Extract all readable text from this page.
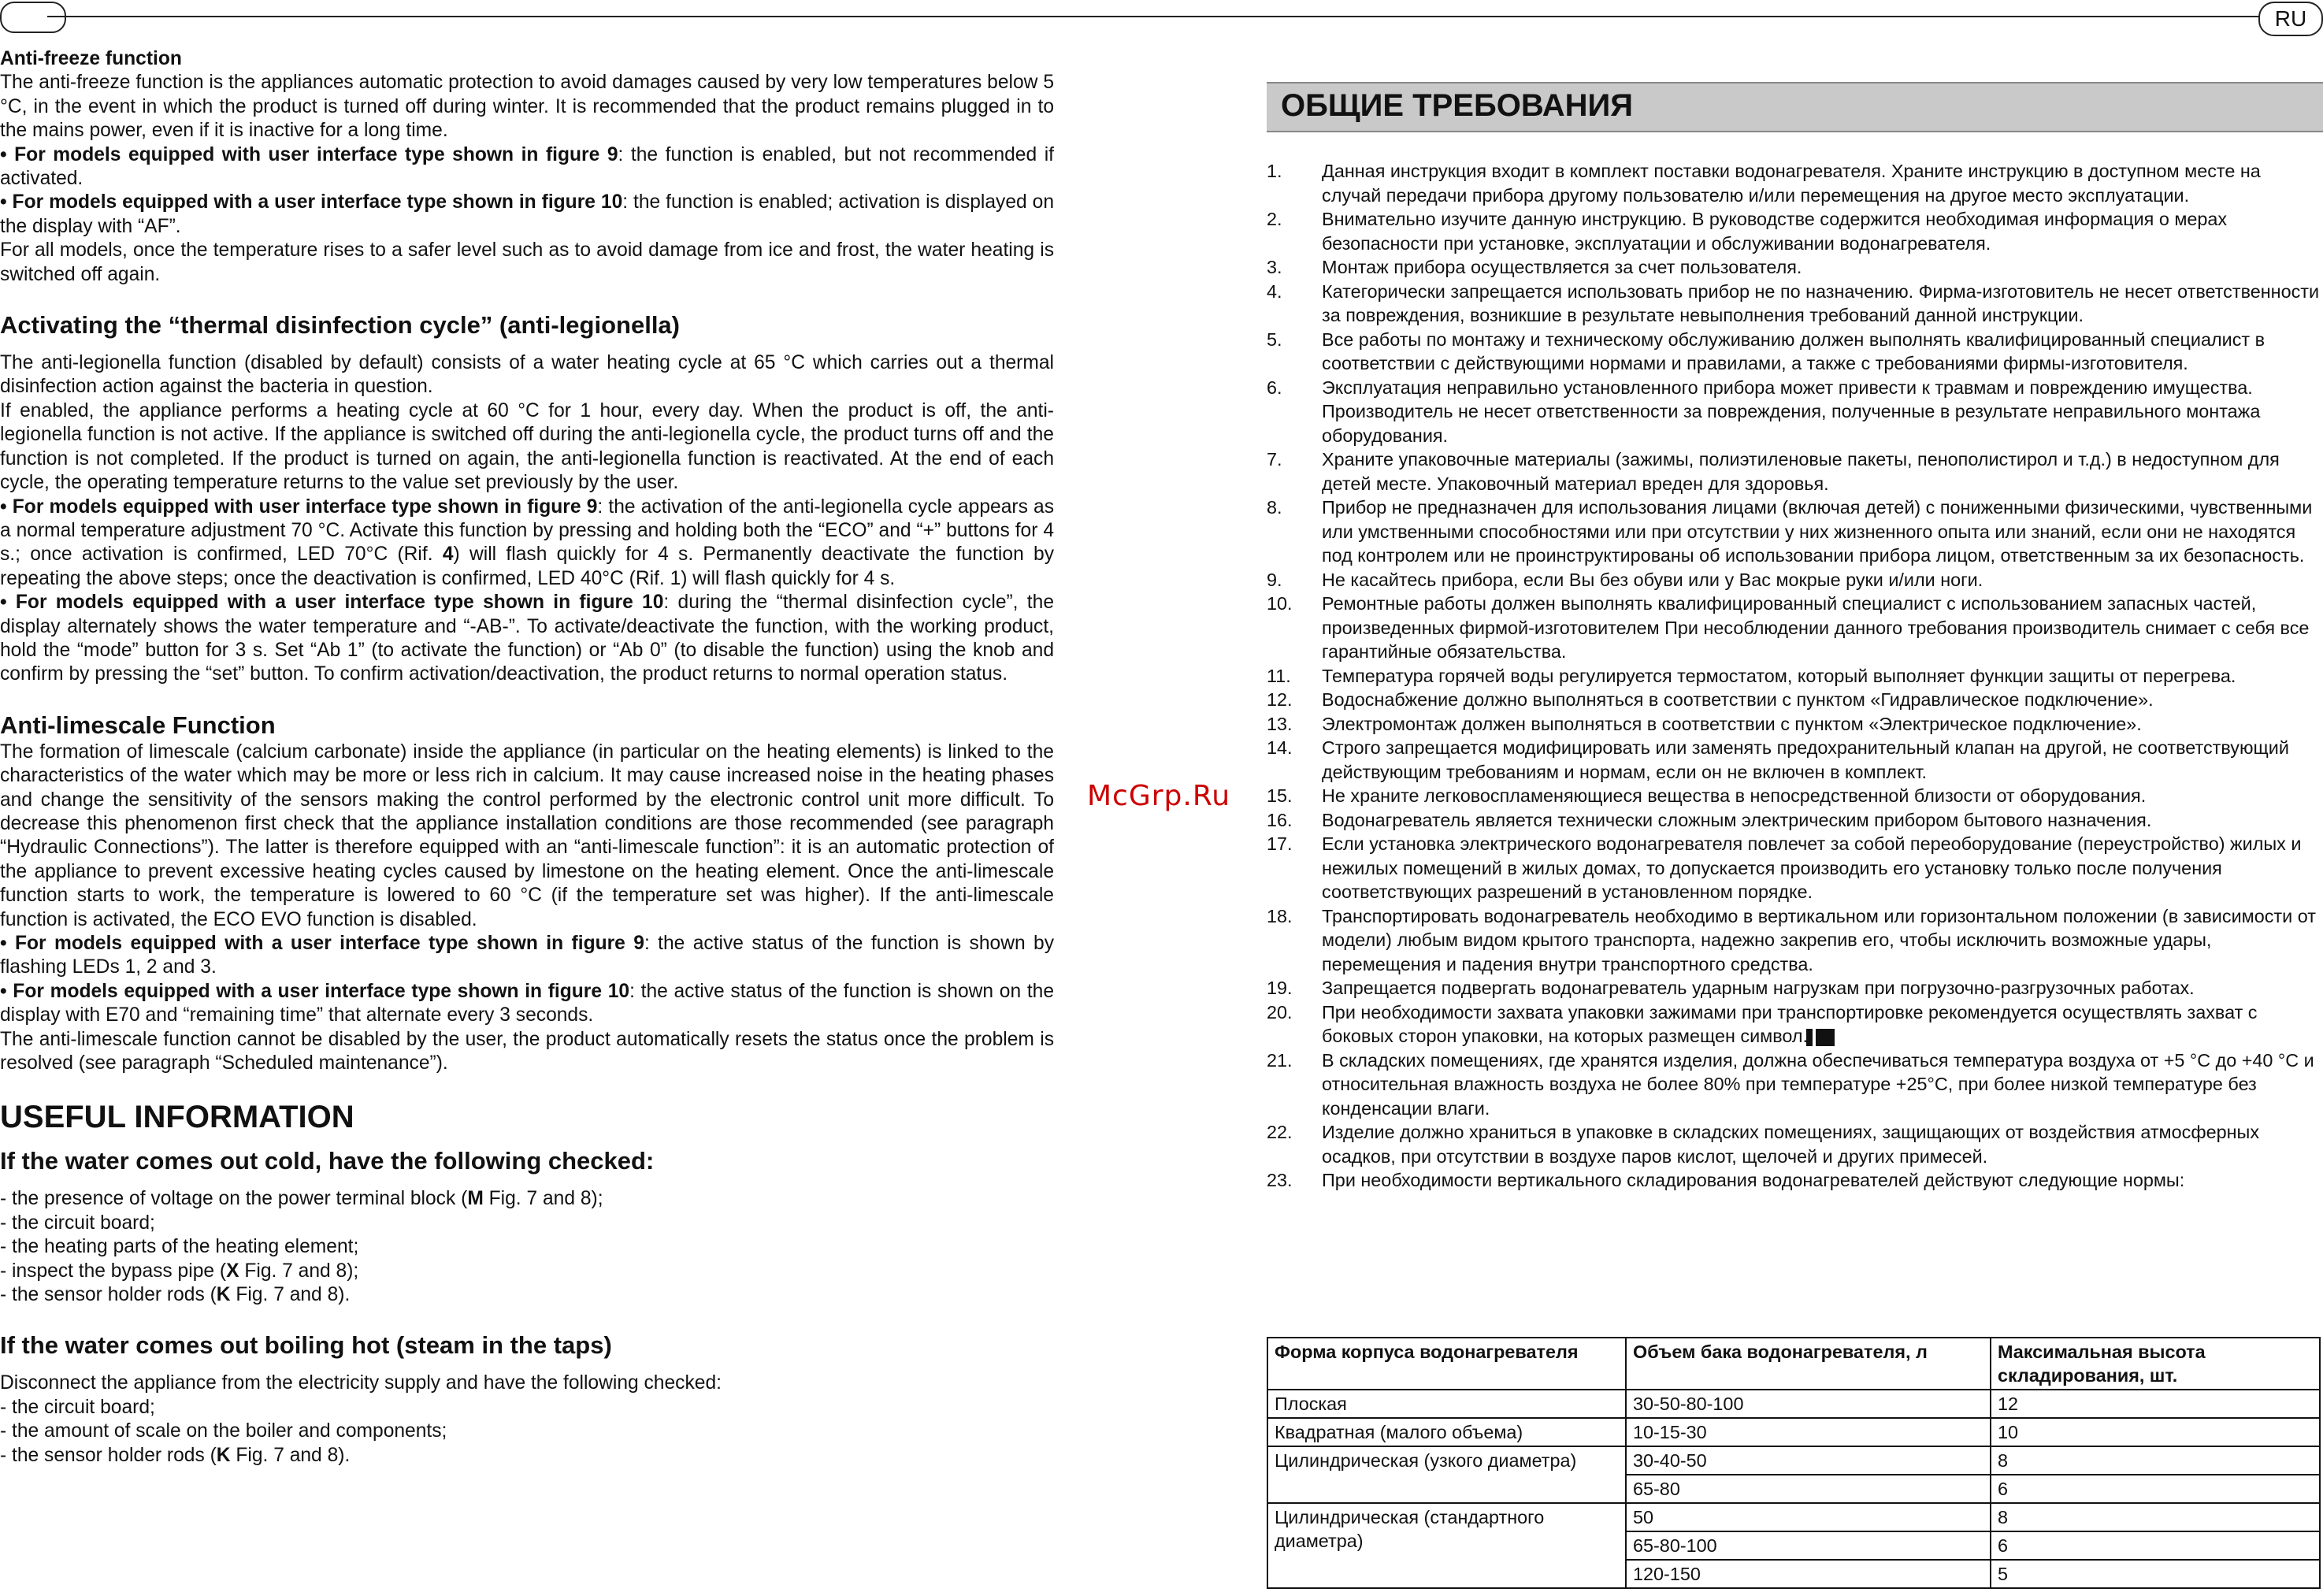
RU

Anti-freeze function

The anti-freeze function is the appliances automatic protection to avoid damages caused by very low temperatures below 5 °C, in the event in which the product is turned off during winter. It is recommended that the product remains plugged in to the mains power, even if it is inactive for a long time.

• For models equipped with user interface type shown in figure 9: the function is enabled, but not recommended if activated.

• For models equipped with a user interface type shown in figure 10: the function is enabled; activation is displayed on the display with “AF”.

For all models, once the temperature rises to a safer level such as to avoid damage from ice and frost, the water heating is switched off again.

Activating the “thermal disinfection cycle” (anti-legionella)

The anti-legionella function (disabled by default) consists of a water heating cycle at 65 °C which carries out a thermal disinfection action against the bacteria in question.

If enabled, the appliance performs a heating cycle at 60 °C for 1 hour, every day. When the product is off, the anti-legionella function is not active. If the appliance is switched off during the anti-legionella cycle, the product turns off and the function is not completed. If the product is turned on again, the anti-legionella function is reactivated. At the end of each cycle, the operating temperature returns to the value set previously by the user.

• For models equipped with user interface type shown in figure 9: the activation of the anti-legionella cycle appears as a normal temperature adjustment 70 °C. Activate this function by pressing and holding both the “ECO” and “+” buttons for 4 s.; once activation is confirmed, LED 70°C (Rif. 4) will flash quickly for 4 s. Permanently deactivate the function by repeating the above steps; once the deactivation is confirmed, LED 40°C (Rif. 1) will flash quickly for 4 s.

• For models equipped with a user interface type shown in figure 10: during the “thermal disinfection cycle”, the display alternately shows the water temperature and “-AB-”. To activate/deactivate the function, with the working product, hold the “mode” button for 3 s. Set “Ab 1” (to activate the function) or “Ab 0” (to disable the function) using the knob and confirm by pressing the “set” button. To confirm activation/deactivation, the product returns to normal operation status.

Anti-limescale Function

The formation of limescale (calcium carbonate) inside the appliance (in particular on the heating elements) is linked to the characteristics of the water which may be more or less rich in calcium. It may cause increased noise in the heating phases and change the sensitivity of the sensors making the control performed by the electronic control unit more difficult. To decrease this phenomenon first check that the appliance installation conditions are those recommended (see paragraph “Hydraulic Connections”). The latter is therefore equipped with an “anti-limescale function”: it is an automatic protection of the appliance to prevent excessive heating cycles caused by limestone on the heating element. Once the anti-limescale function starts to work, the temperature is lowered to 60 °C (if the temperature set was higher). If the anti-limescale function is activated, the ECO EVO function is disabled.

• For models equipped with a user interface type shown in figure 9: the active status of the function is shown by flashing LEDs 1, 2 and 3.

• For models equipped with a user interface type shown in figure 10: the active status of the function is shown on the display with E70 and “remaining time” that alternate every 3 seconds.

The anti-limescale function cannot be disabled by the user, the product automatically resets the status once the problem is resolved (see paragraph “Scheduled maintenance”).

USEFUL INFORMATION
If the water comes out cold, have the following checked:

- the presence of voltage on the power terminal block (M Fig. 7 and 8);

- the circuit board;

- the heating parts of the heating element;

- inspect the bypass pipe (X Fig. 7 and 8);

- the sensor holder rods (K Fig. 7 and 8).

If the water comes out boiling hot (steam in the taps)

Disconnect the appliance from the electricity supply and have the following checked:

- the circuit board;

- the amount of scale on the boiler and components;

- the sensor holder rods (K Fig. 7 and 8).

McGrp.Ru
ОБЩИЕ ТРЕБОВАНИЯ
1. Данная инструкция входит в комплект поставки водонагревателя. Храните инструкцию в доступном месте на случай передачи прибора другому пользователю и/или перемещения на другое место эксплуатации.
2. Внимательно изучите данную инструкцию. В руководстве содержится необходимая информация о мерах безопасности при установке, эксплуатации и обслуживании водонагревателя.
3. Монтаж прибора осуществляется за счет пользователя.
4. Категорически запрещается использовать прибор не по назначению. Фирма-изготовитель не несет ответственности за повреждения, возникшие в результате невыполнения требований данной инструкции.
5. Все работы по монтажу и техническому обслуживанию должен выполнять квалифицированный специалист в соответствии с действующими нормами и правилами, а также с требованиями фирмы-изготовителя.
6. Эксплуатация неправильно установленного прибора может привести к травмам и повреждению имущества. Производитель не несет ответственности за повреждения, полученные в результате неправильного монтажа оборудования.
7. Храните упаковочные материалы (зажимы, полиэтиленовые пакеты, пенополистирол и т.д.) в недоступном для детей месте. Упаковочный материал вреден для здоровья.
8. Прибор не предназначен для использования лицами (включая детей) с пониженными физическими, чувственными или умственными способностями или при отсутствии у них жизненного опыта или знаний, если они не находятся под контролем или не проинструктированы об использовании прибора лицом, ответственным за их безопасность.
9. Не касайтесь прибора, если Вы без обуви или у Вас мокрые руки и/или ноги.
10. Ремонтные работы должен выполнять квалифицированный специалист с использованием запасных частей, произведенных фирмой-изготовителем При несоблюдении данного требования производитель снимает с себя все гарантийные обязательства.
11. Температура горячей воды регулируется термостатом, который выполняет функции защиты от перегрева.
12. Водоснабжение должно выполняться в соответствии с пунктом «Гидравлическое подключение».
13. Электромонтаж должен выполняться в соответствии с пунктом «Электрическое подключение».
14. Строго запрещается модифицировать или заменять предохранительный клапан на другой, не соответствующий действующим требованиям и нормам, если он не включен в комплект.
15. Не храните легковоспламеняющиеся вещества в непосредственной близости от оборудования.
16. Водонагреватель является технически сложным электрическим прибором бытового назначения.
17. Если установка электрического водонагревателя повлечет за собой переоборудование (переустройство) жилых и нежилых помещений в жилых домах, то допускается производить его установку только после получения соответствующих разрешений в установленном порядке.
18. Транспортировать водонагреватель необходимо в вертикальном или горизонтальном положении (в зависимости от модели) любым видом крытого транспорта, надежно закрепив его, чтобы исключить возможные удары, перемещения и падения внутри транспортного средства.
19. Запрещается подвергать водонагреватель ударным нагрузкам при погрузочно-разгрузочных работах.
20. При необходимости захвата упаковки зажимами при транспортировке рекомендуется осуществлять захват с боковых сторон упаковки, на которых размещен символ.
21. В складских помещениях, где хранятся изделия, должна обеспечиваться температура воздуха от +5 °С до +40 °С и относительная влажность воздуха не более 80% при температуре +25°С, при более низкой температуре без конденсации влаги.
22. Изделие должно храниться в упаковке в складских помещениях, защищающих от воздействия атмосферных осадков, при отсутствии в воздухе паров кислот, щелочей и других примесей.
23. При необходимости вертикального складирования водонагревателей действуют следующие нормы:
Форма корпуса водонагревателя	Объем бака водонагревателя, л	Максимальная высота складирования, шт.
Плоская	30-50-80-100	12
Квадратная (малого объема)	10-15-30	10
Цилиндрическая (узкого диаметра)	30-40-50	8
	65-80	6
Цилиндрическая (стандартного диаметра)	50	8
	65-80-100	6
	120-150	5
